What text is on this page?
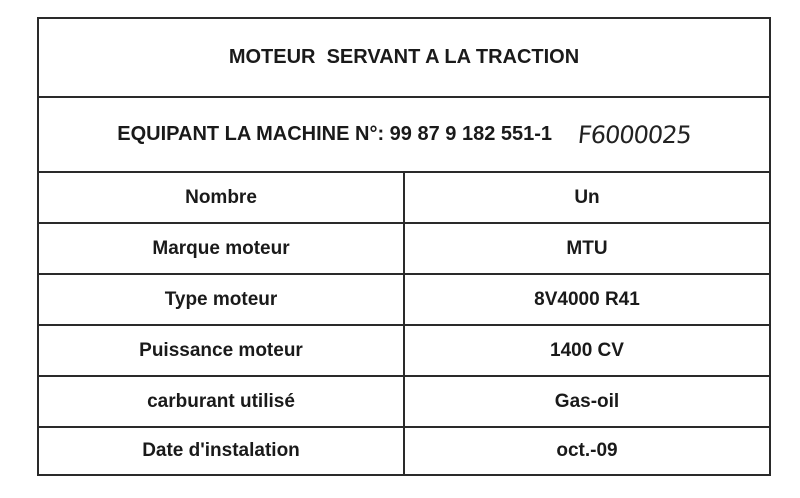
MOTEUR  SERVANT A LA TRACTION
EQUIPANT LA MACHINE N°: 99 87 9 182 551-1 F6000025
Nombre	Un
Marque moteur	MTU
Type moteur	8V4000 R41
Puissance moteur	1400 CV
carburant utilisé	Gas-oil
Date d'instalation	oct.-09
